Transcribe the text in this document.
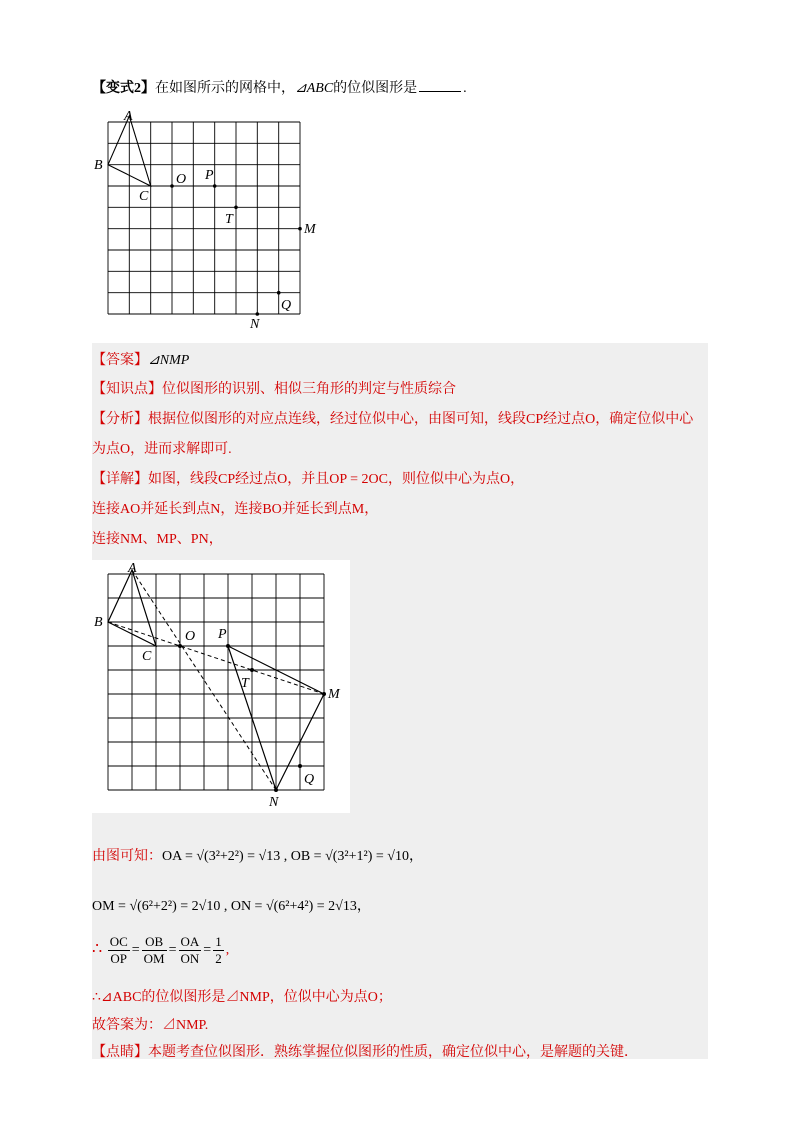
【变式2】在如图所示的网格中，⊿ABC的位似图形是	.
A
B
C
O P
T
M
N
Q
【答案】⊿NMP
【知识点】位似图形的识别、相似三角形的判定与性质综合
【分析】根据位似图形的对应点连线，经过位似中心，由图可知，线段CP经过点O，确定位似中心
为点O，进而求解即可.
【详解】如图，线段CP经过点O，并且OP = 2OC，则位似中心为点O，
连接AO并延长到点N，连接BO并延长到点M，
连接NM、MP、PN，
A
B
C
O P
T
M
N
Q
由图可知：OA = √(3²+2²) = √13 , OB = √(3²+1²) = √10，
OM = √(6²+2²) = 2√10 , ON = √(6²+4²) = 2√13，
∴ $\frac{OC}{OP} = \frac{OB}{OM} = \frac{OA}{ON} = \frac{1}{2}$ ,
∴⊿ABC的位似图形是⊿NMP，位似中心为点O；
故答案为：⊿NMP.
【点睛】本题考查位似图形．熟练掌握位似图形的性质，确定位似中心，是解题的关键．
